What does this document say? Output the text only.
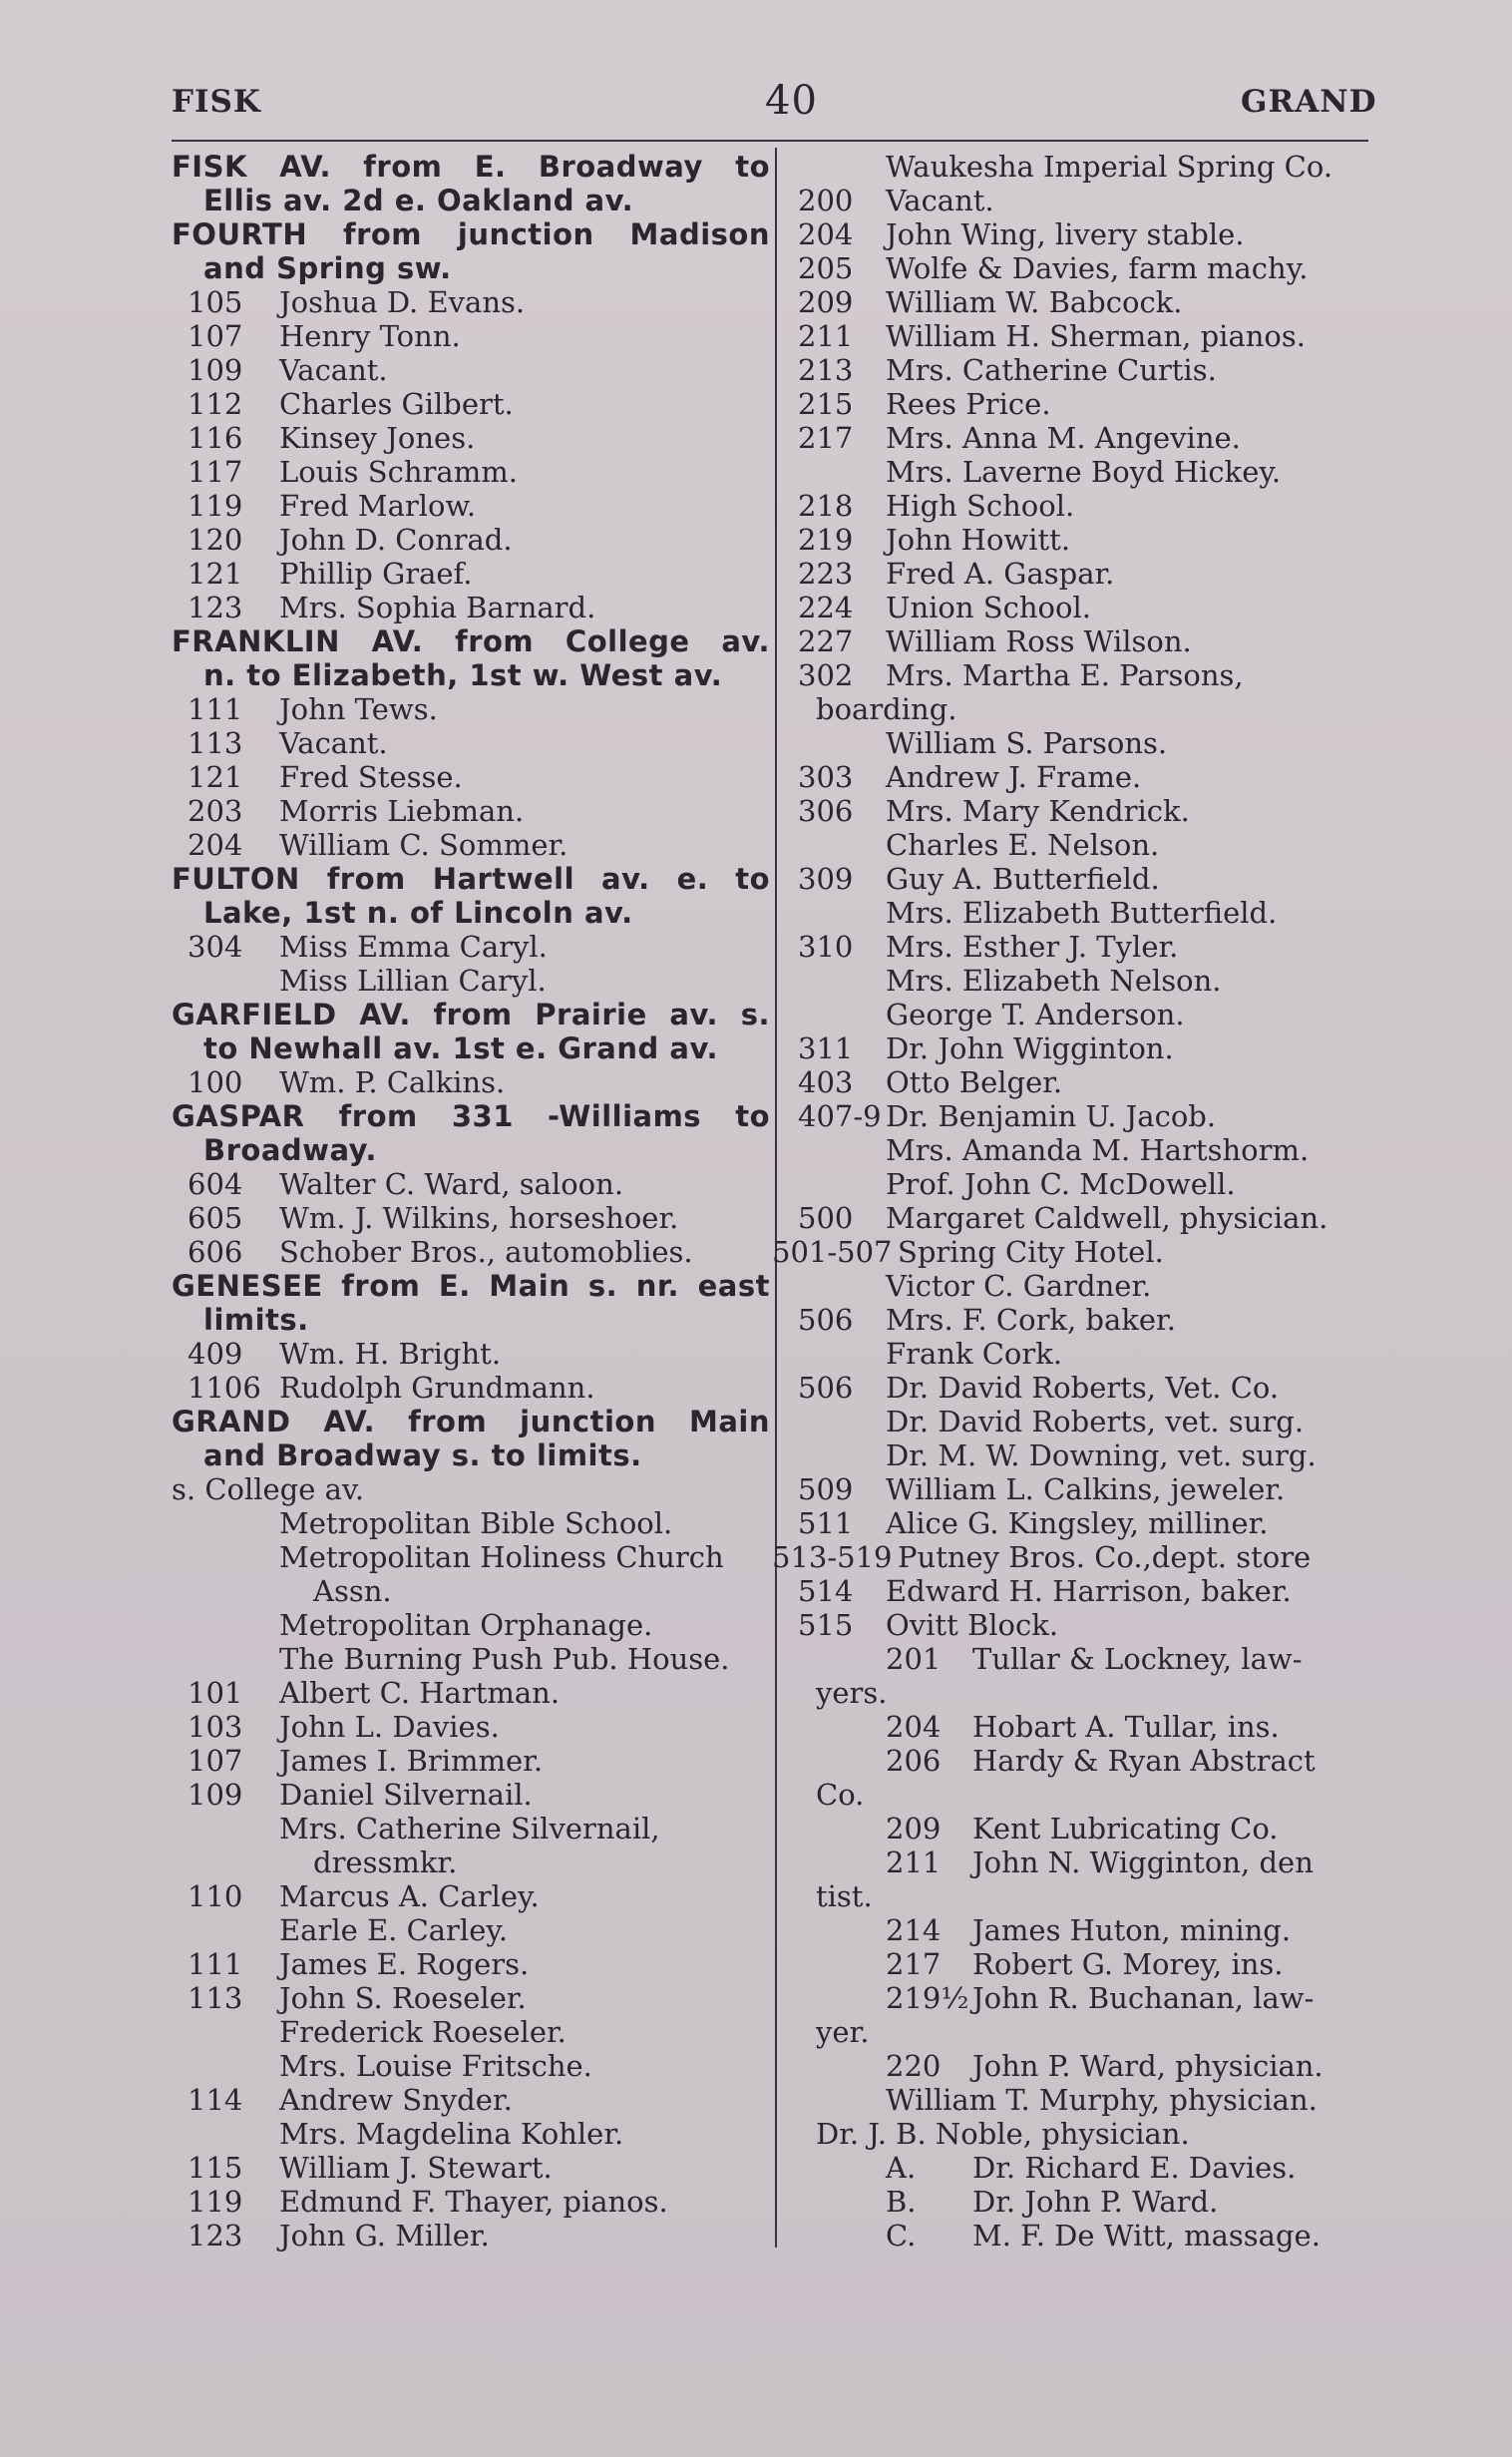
FISK	40	GRAND
FISK AV. from E. Broadway to
Ellis av. 2d e. Oakland av.
FOURTH from junction Madison
and Spring sw.
105 Joshua D. Evans.
107 Henry Tonn.
109 Vacant.
112 Charles Gilbert.
116 Kinsey Jones.
117 Louis Schramm.
119 Fred Marlow.
120 John D. Conrad.
121 Phillip Graef.
123 Mrs. Sophia Barnard.
FRANKLIN AV. from College av.
n. to Elizabeth, 1st w. West av.
111 John Tews.
113 Vacant.
121 Fred Stesse.
203 Morris Liebman.
204 William C. Sommer.
FULTON from Hartwell av. e. to
Lake, 1st n. of Lincoln av.
304 Miss Emma Caryl.
Miss Lillian Caryl.
GARFIELD AV. from Prairie av. s.
to Newhall av. 1st e. Grand av.
100 Wm. P. Calkins.
GASPAR from 331 -Williams to
Broadway.
604 Walter C. Ward, saloon.
605 Wm. J. Wilkins, horseshoer.
606 Schober Bros., automoblies.
GENESEE from E. Main s. nr. east
limits.
409 Wm. H. Bright.
1106 Rudolph Grundmann.
GRAND AV. from junction Main
and Broadway s. to limits.
s. College av.
Metropolitan Bible School.
Metropolitan Holiness Church
Assn.
Metropolitan Orphanage.
The Burning Push Pub. House.
101 Albert C. Hartman.
103 John L. Davies.
107 James I. Brimmer.
109 Daniel Silvernail.
Mrs. Catherine Silvernail,
dressmkr.
110 Marcus A. Carley.
Earle E. Carley.
111 James E. Rogers.
113 John S. Roeseler.
Frederick Roeseler.
Mrs. Louise Fritsche.
114 Andrew Snyder.
Mrs. Magdelina Kohler.
115 William J. Stewart.
119 Edmund F. Thayer, pianos.
123 John G. Miller.
Waukesha Imperial Spring Co.
200 Vacant.
204 John Wing, livery stable.
205 Wolfe & Davies, farm machy.
209 William W. Babcock.
211 William H. Sherman, pianos.
213 Mrs. Catherine Curtis.
215 Rees Price.
217 Mrs. Anna M. Angevine.
Mrs. Laverne Boyd Hickey.
218 High School.
219 John Howitt.
223 Fred A. Gaspar.
224 Union School.
227 William Ross Wilson.
302 Mrs. Martha E. Parsons,
boarding.
William S. Parsons.
303 Andrew J. Frame.
306 Mrs. Mary Kendrick.
Charles E. Nelson.
309 Guy A. Butterfield.
Mrs. Elizabeth Butterfield.
310 Mrs. Esther J. Tyler.
Mrs. Elizabeth Nelson.
George T. Anderson.
311 Dr. John Wigginton.
403 Otto Belger.
407-9 Dr. Benjamin U. Jacob.
Mrs. Amanda M. Hartshorm.
Prof. John C. McDowell.
500 Margaret Caldwell, physician.
501-507 Spring City Hotel.
Victor C. Gardner.
506 Mrs. F. Cork, baker.
Frank Cork.
506 Dr. David Roberts, Vet. Co.
Dr. David Roberts, vet. surg.
Dr. M. W. Downing, vet. surg.
509 William L. Calkins, jeweler.
511 Alice G. Kingsley, milliner.
513-519 Putney Bros. Co.,dept. store
514 Edward H. Harrison, baker.
515 Ovitt Block.
201 Tullar & Lockney, law-
yers.
204 Hobart A. Tullar, ins.
206 Hardy & Ryan Abstract
Co.
209 Kent Lubricating Co.
211 John N. Wigginton, den
tist.
214 James Huton, mining.
217 Robert G. Morey, ins.
219½ John R. Buchanan, law-
yer.
220 John P. Ward, physician.
William T. Murphy, physician.
Dr. J. B. Noble, physician.
A. Dr. Richard E. Davies.
B. Dr. John P. Ward.
C. M. F. De Witt, massage.
